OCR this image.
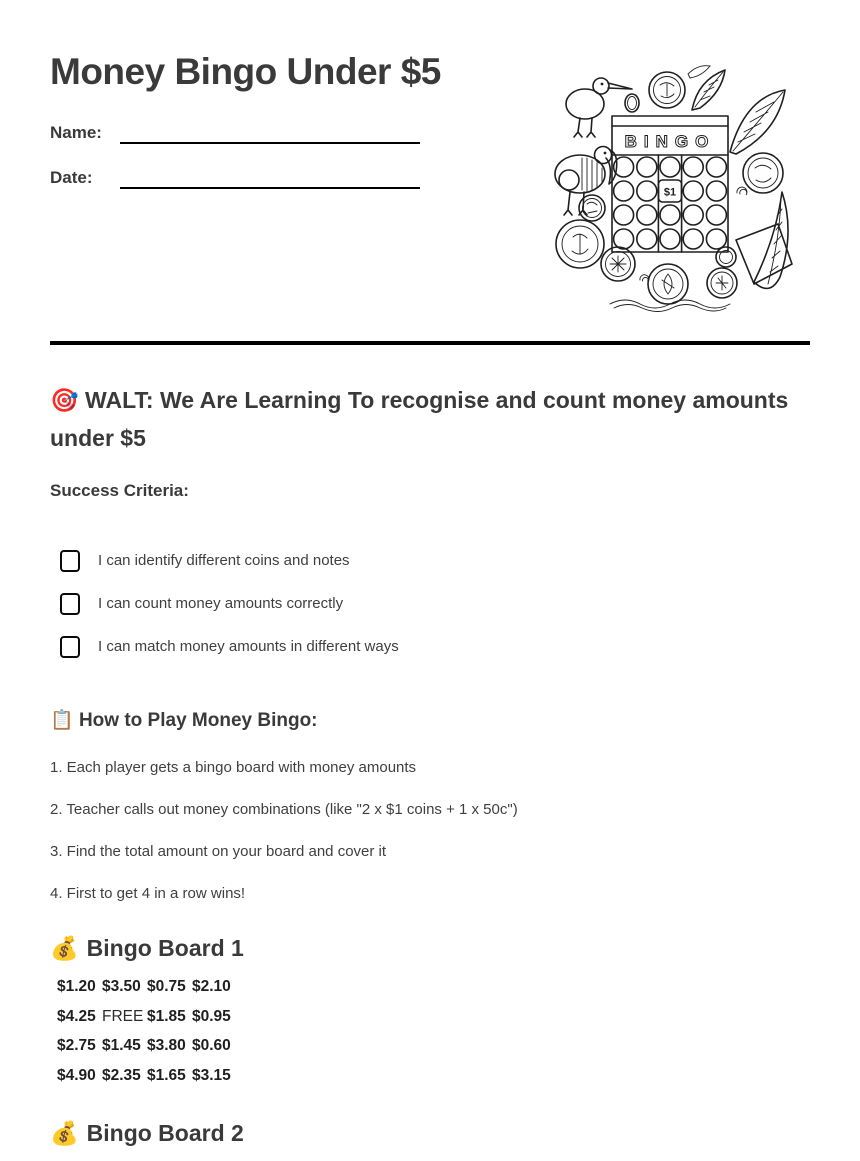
Money Bingo Under $5
Name:
Date:
🎯 WALT: We Are Learning To recognise and count money amounts under $5
Success Criteria:
I can identify different coins and notes
I can count money amounts correctly
I can match money amounts in different ways
📋 How to Play Money Bingo:

1. Each player gets a bingo board with money amounts

2. Teacher calls out money combinations (like "2 x $1 coins + 1 x 50c")

3. Find the total amount on your board and cover it

4. First to get 4 in a row wins!

💰 Bingo Board 1
$1.20	$3.50	$0.75	$2.10
$4.25	FREE	$1.85	$0.95
$2.75	$1.45	$3.80	$0.60
$4.90	$2.35	$1.65	$3.15
💰 Bingo Board 2
BINGO
$1
